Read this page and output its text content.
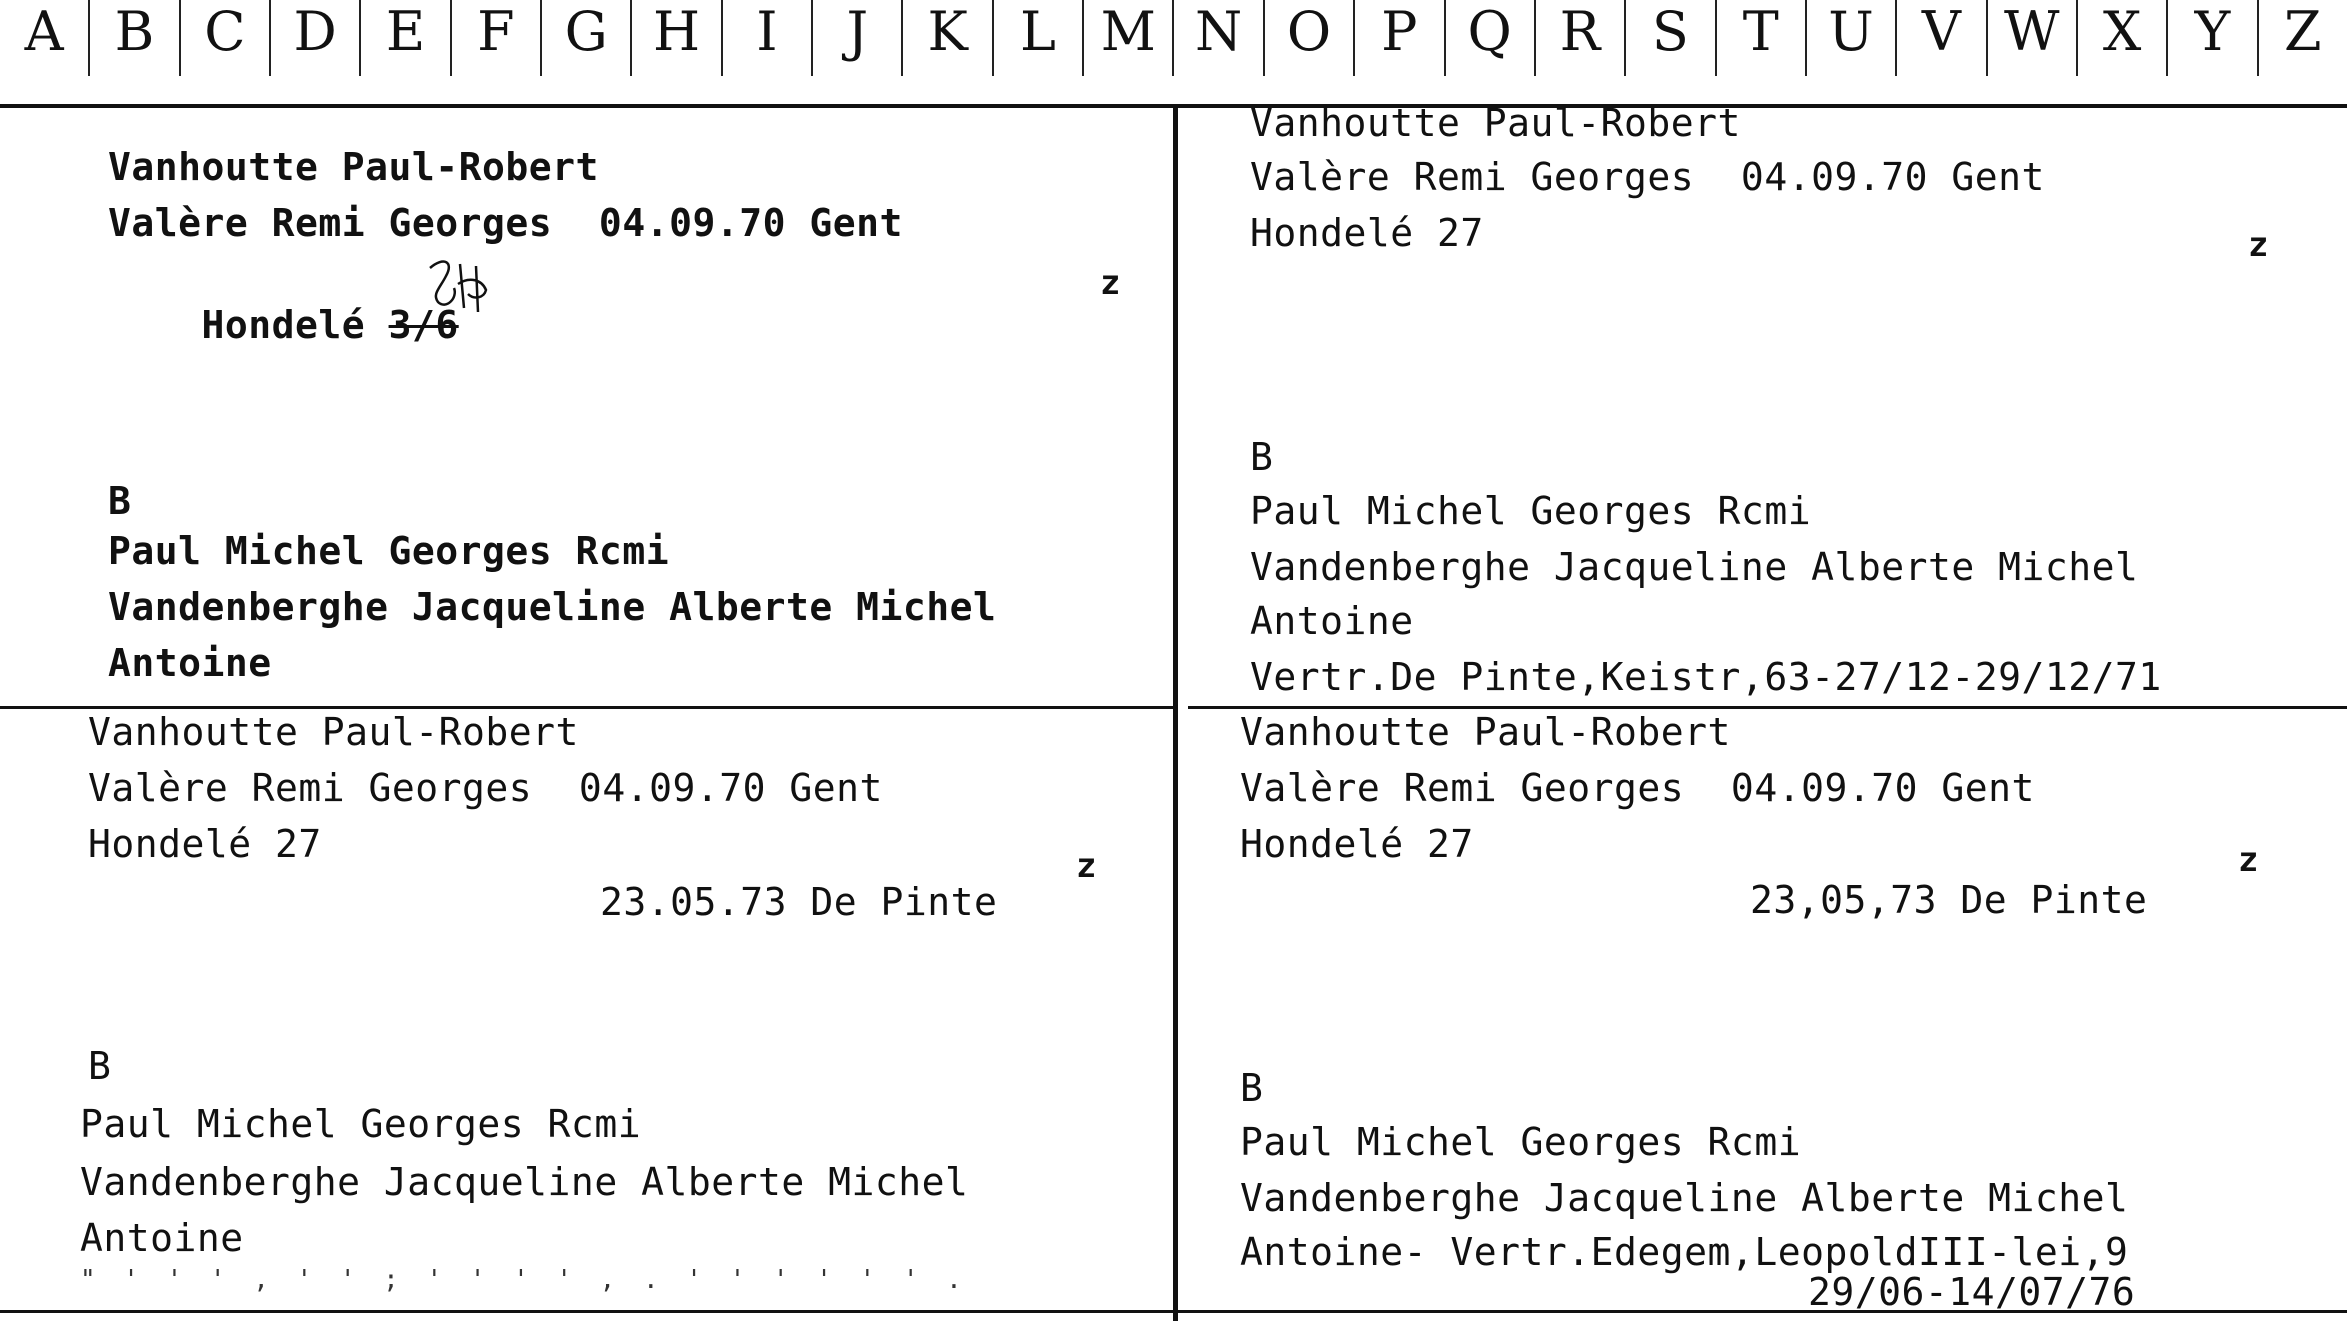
A B C D E F G H	I	J	K L M N O P Q R S T U V W X Y Z
Vanhoutte Paul-Robert
Valère Remi Georges  04.09.70 Gent

Hondelé 3/6

z
B
Paul Michel Georges Rcmi
Vandenberghe Jacqueline Alberte Michel
Antoine
Vanhoutte Paul-Robert
Valère Remi Georges  04.09.70 Gent
Hondelé 27	z
B
Paul Michel Georges Rcmi
Vandenberghe Jacqueline Alberte Michel
Antoine
Vertr.De Pinte,Keistr,63-27/12-29/12/71
Vanhoutte Paul-Robert
Valère Remi Georges  04.09.70 Gent
Hondelé 27	z
23.05.73 De Pinte
B
Paul Michel Georges Rcmi
Vandenberghe Jacqueline Alberte Michel
Antoine
" ' ' ' , ' ' ; ' ' ' ' , . ' ' ' ' ' ' .
Vanhoutte Paul-Robert
Valère Remi Georges  04.09.70 Gent
Hondelé 27	z
23,05,73 De Pinte
B
Paul Michel Georges Rcmi
Vandenberghe Jacqueline Alberte Michel
Antoine- Vertr.Edegem,LeopoldIII-lei,9
29/06-14/07/76
